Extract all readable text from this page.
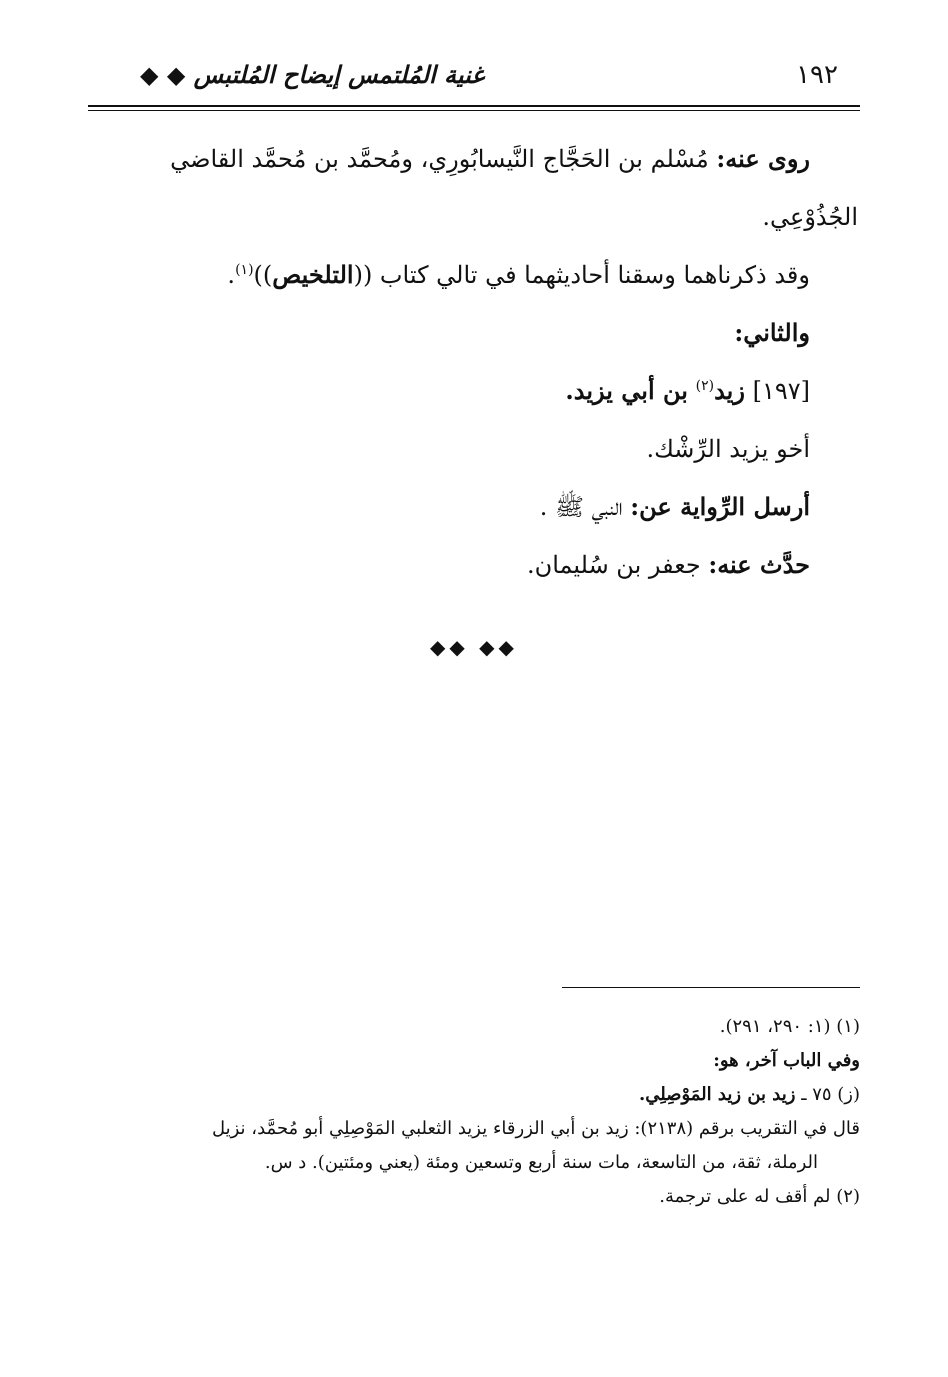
١٩٢
غنية المُلتمس إيضاح المُلتبس ◆ ◆

روى عنه: مُسْلم بن الحَجَّاج النَّيسابُورِي، ومُحمَّد بن مُحمَّد القاضي
الجُذُوْعِي.

وقد ذكرناهما وسقنا أحاديثهما في تالي كتاب ((التلخيص))$^{(١)}$.

والثاني:

[١٩٧] زيد$^{(٢)}$ بن أبي يزيد.

أخو يزيد الرِّشْك.

أرسل الرِّواية عن: النبي ﷺ .

حدَّث عنه: جعفر بن سُليمان.

◆◆ ◆◆

(١) (١: ٢٩٠، ٢٩١).

وفي الباب آخر، هو:

(ز) ٧٥ ـ زيد بن زيد المَوْصِلِي.

قال في التقريب برقم (٢١٣٨): زيد بن أبي الزرقاء يزيد الثعلبي المَوْصِلِي أبو مُحمَّد، نزيل

الرملة، ثقة، من التاسعة، مات سنة أربع وتسعين ومئة (يعني ومئتين). د س.

(٢) لم أقف له على ترجمة.
